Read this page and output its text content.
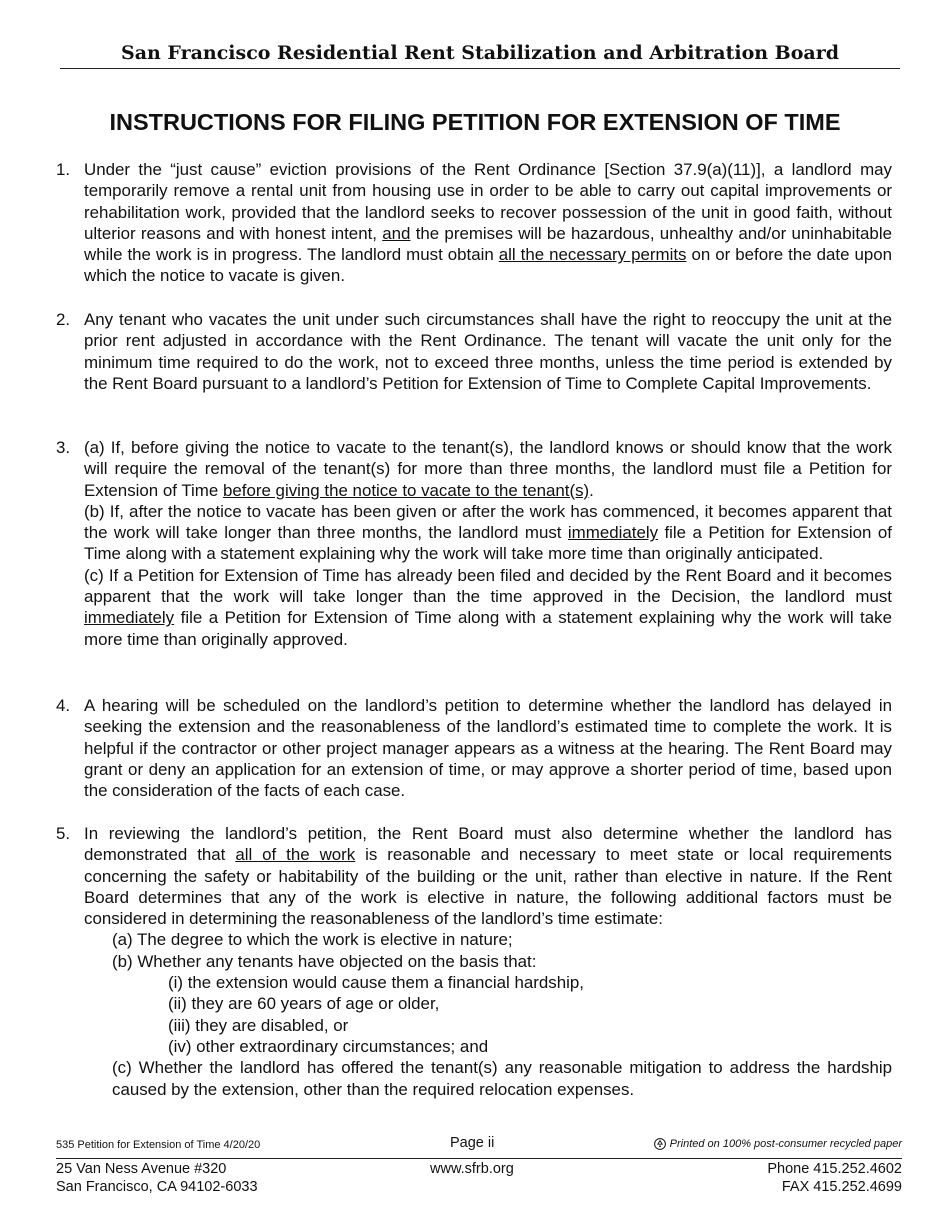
San Francisco Residential Rent Stabilization and Arbitration Board
INSTRUCTIONS FOR FILING PETITION FOR EXTENSION OF TIME
1. Under the “just cause” eviction provisions of the Rent Ordinance [Section 37.9(a)(11)], a landlord may temporarily remove a rental unit from housing use in order to be able to carry out capital improvements or rehabilitation work, provided that the landlord seeks to recover possession of the unit in good faith, without ulterior reasons and with honest intent, and the premises will be hazardous, unhealthy and/or uninhabitable while the work is in progress. The landlord must obtain all the necessary permits on or before the date upon which the notice to vacate is given.

2. Any tenant who vacates the unit under such circumstances shall have the right to reoccupy the unit at the prior rent adjusted in accordance with the Rent Ordinance. The tenant will vacate the unit only for the minimum time required to do the work, not to exceed three months, unless the time period is extended by the Rent Board pursuant to a landlord’s Petition for Extension of Time to Complete Capital Improvements.

3. (a) If, before giving the notice to vacate to the tenant(s), the landlord knows or should know that the work will require the removal of the tenant(s) for more than three months, the landlord must file a Petition for Extension of Time before giving the notice to vacate to the tenant(s).

(b) If, after the notice to vacate has been given or after the work has commenced, it becomes apparent that the work will take longer than three months, the landlord must immediately file a Petition for Extension of Time along with a statement explaining why the work will take more time than originally anticipated.

(c) If a Petition for Extension of Time has already been filed and decided by the Rent Board and it becomes apparent that the work will take longer than the time approved in the Decision, the landlord must immediately file a Petition for Extension of Time along with a statement explaining why the work will take more time than originally approved.

4. A hearing will be scheduled on the landlord’s petition to determine whether the landlord has delayed in seeking the extension and the reasonableness of the landlord’s estimated time to complete the work. It is helpful if the contractor or other project manager appears as a witness at the hearing. The Rent Board may grant or deny an application for an extension of time, or may approve a shorter period of time, based upon the consideration of the facts of each case.

5. In reviewing the landlord’s petition, the Rent Board must also determine whether the landlord has demonstrated that all of the work is reasonable and necessary to meet state or local requirements concerning the safety or habitability of the building or the unit, rather than elective in nature. If the Rent Board determines that any of the work is elective in nature, the following additional factors must be considered in determining the reasonableness of the landlord’s time estimate:

(a) The degree to which the work is elective in nature;

(b) Whether any tenants have objected on the basis that:

(i) the extension would cause them a financial hardship,

(ii) they are 60 years of age or older,

(iii) they are disabled, or

(iv) other extraordinary circumstances; and

(c) Whether the landlord has offered the tenant(s) any reasonable mitigation to address the hardship caused by the extension, other than the required relocation expenses.

535 Petition for Extension of Time 4/20/20	Page ii	Printed on 100% post-consumer recycled paper
25 Van Ness Avenue #320
San Francisco, CA 94102-6033
www.sfrb.org	Phone 415.252.4602
FAX 415.252.4699
